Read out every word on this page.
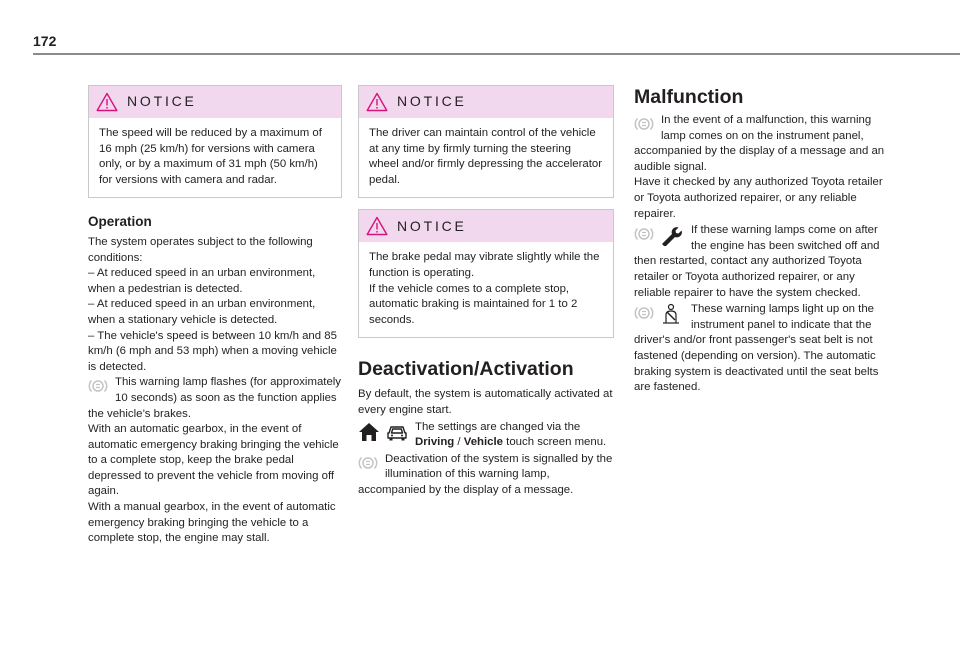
172
NOTICE
The speed will be reduced by a maximum of 16 mph (25 km/h) for versions with camera only, or by a maximum of 31 mph (50 km/h) for versions with camera and radar.
Operation

The system operates subject to the following conditions:

– At reduced speed in an urban environment, when a pedestrian is detected.

– At reduced speed in an urban environment, when a stationary vehicle is detected.

– The vehicle's speed is between 10 km/h and 85 km/h (6 mph and 53 mph) when a moving vehicle is detected.

This warning lamp flashes (for approximately 10 seconds) as soon as the function applies the vehicle’s brakes.

With an automatic gearbox, in the event of automatic emergency braking bringing the vehicle to a complete stop, keep the brake pedal depressed to prevent the vehicle from moving off again.

With a manual gearbox, in the event of automatic emergency braking bringing the vehicle to a complete stop, the engine may stall.

NOTICE
The driver can maintain control of the vehicle at any time by firmly turning the steering wheel and/or firmly depressing the accelerator pedal.
NOTICE

The brake pedal may vibrate slightly while the function is operating.

If the vehicle comes to a complete stop, automatic braking is maintained for 1 to 2 seconds.

Deactivation/Activation

By default, the system is automatically activated at every engine start.

The settings are changed via the Driving / Vehicle touch screen menu.

Deactivation of the system is signalled by the illumination of this warning lamp, accompanied by the display of a message.

Malfunction

In the event of a malfunction, this warning lamp comes on on the instrument panel, accompanied by the display of a message and an audible signal.

Have it checked by any authorized Toyota retailer or Toyota authorized repairer, or any reliable repairer.

If these warning lamps come on after the engine has been switched off and then restarted, contact any authorized Toyota retailer or Toyota authorized repairer, or any reliable repairer to have the system checked.

These warning lamps light up on the instrument panel to indicate that the driver's and/or front passenger's seat belt is not fastened (depending on version). The automatic braking system is deactivated until the seat belts are fastened.
